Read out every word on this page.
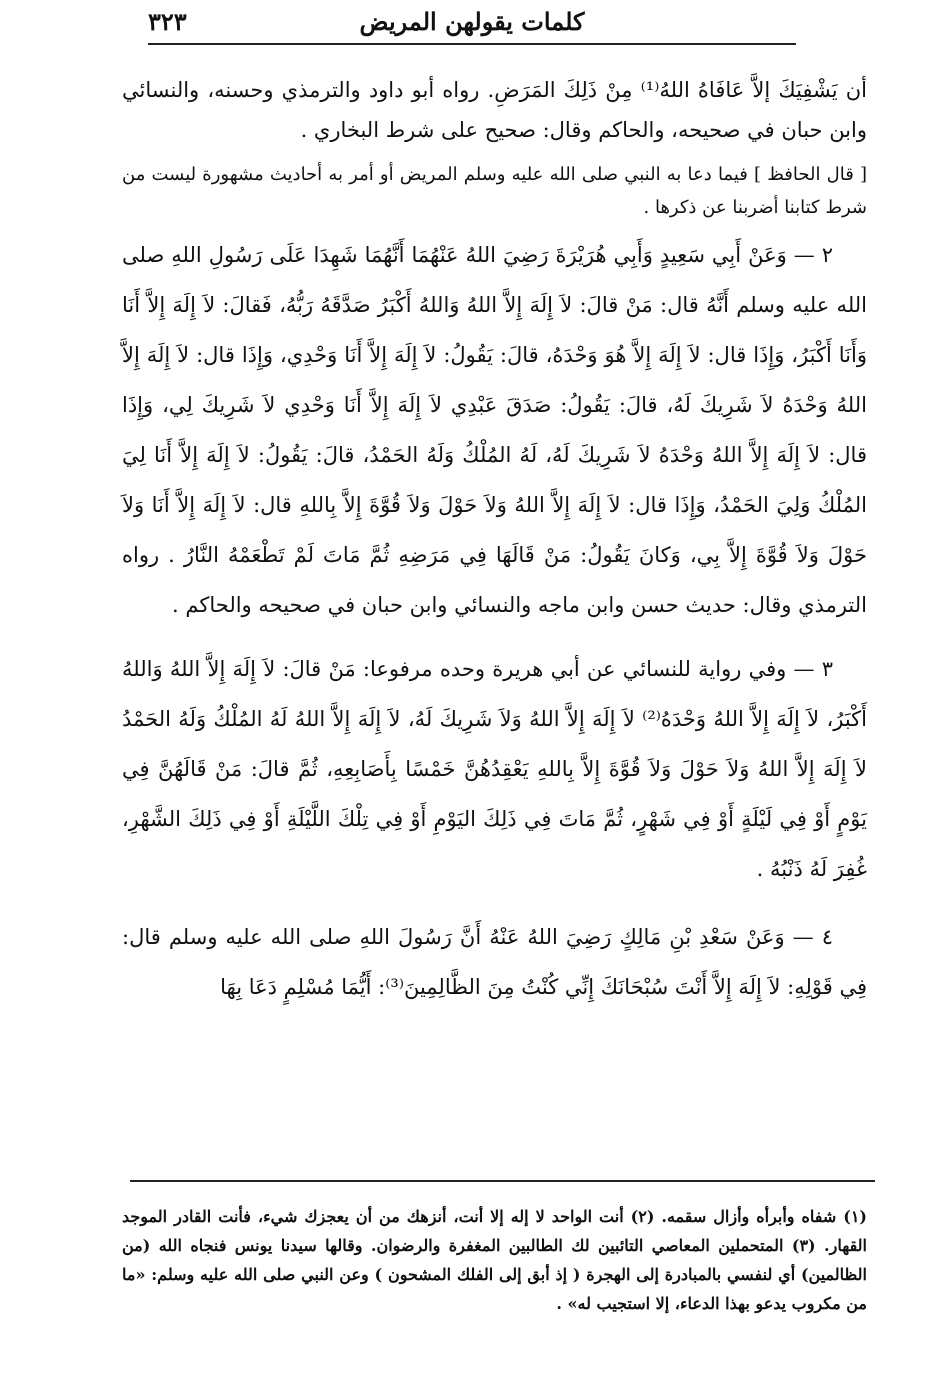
كلمات يقولهن المريض
٣٢٣

أن يَشْفِيَكَ إلاَّ عَافَاهُ اللهُ⁽¹⁾ مِنْ ذَلِكَ المَرَضِ. رواه أبو داود والترمذي وحسنه، والنسائي وابن حبان في صحيحه، والحاكم وقال: صحيح على شرط البخاري .

[ قال الحافظ ] فيما دعا به النبي صلى الله عليه وسلم المريض أو أمر به أحاديث مشهورة ليست من شرط كتابنا أضربنا عن ذكرها .

٢ — وَعَنْ أَبِي سَعِيدٍ وَأَبِي هُرَيْرَةَ رَضِيَ اللهُ عَنْهُمَا أَنَّهُمَا شَهِدَا عَلَى رَسُولِ اللهِ صلى الله عليه وسلم أَنَّهُ قال: مَنْ قالَ: لاَ إِلَهَ إِلاَّ اللهُ وَاللهُ أَكْبَرُ صَدَّقَهُ رَبُّهُ، فَقالَ: لاَ إِلَهَ إِلاَّ أَنَا وَأَنَا أَكْبَرُ، وَإِذَا قال: لاَ إِلَهَ إِلاَّ هُوَ وَحْدَهُ، قالَ: يَقُولُ: لاَ إِلَهَ إِلاَّ أَنَا وَحْدِي، وَإِذَا قال: لاَ إِلَهَ إِلاَّ اللهُ وَحْدَهُ لاَ شَرِيكَ لَهُ، قالَ: يَقُولُ: صَدَقَ عَبْدِي لاَ إِلَهَ إِلاَّ أَنَا وَحْدِي لاَ شَرِيكَ لِي، وَإِذَا قال: لاَ إِلَهَ إِلاَّ اللهُ وَحْدَهُ لاَ شَرِيكَ لَهُ، لَهُ المُلْكُ وَلَهُ الحَمْدُ، قالَ: يَقُولُ: لاَ إِلَهَ إِلاَّ أَنَا لِيَ المُلْكُ وَلِيَ الحَمْدُ، وَإِذَا قال: لاَ إِلَهَ إِلاَّ اللهُ وَلاَ حَوْلَ وَلاَ قُوَّةَ إِلاَّ بِاللهِ قال: لاَ إِلَهَ إِلاَّ أَنَا وَلاَ حَوْلَ وَلاَ قُوَّةَ إِلاَّ بِي، وَكانَ يَقُولُ: مَنْ قَالَهَا فِي مَرَضِهِ ثُمَّ مَاتَ لَمْ تَطْعَمْهُ النَّارُ . رواه الترمذي وقال: حديث حسن وابن ماجه والنسائي وابن حبان في صحيحه والحاكم .

٣ — وفي رواية للنسائي عن أبي هريرة وحده مرفوعا: مَنْ قالَ: لاَ إِلَهَ إِلاَّ اللهُ وَاللهُ أَكْبَرُ، لاَ إِلَهَ إِلاَّ اللهُ وَحْدَهُ⁽²⁾ لاَ إِلَهَ إِلاَّ اللهُ وَلاَ شَرِيكَ لَهُ، لاَ إِلَهَ إِلاَّ اللهُ لَهُ المُلْكُ وَلَهُ الحَمْدُ لاَ إِلَهَ إِلاَّ اللهُ وَلاَ حَوْلَ وَلاَ قُوَّةَ إِلاَّ بِاللهِ يَعْقِدُهُنَّ خَمْسًا بِأَصَابِعِهِ، ثُمَّ قالَ: مَنْ قَالَهُنَّ فِي يَوْمٍ أَوْ فِي لَيْلَةٍ أَوْ فِي شَهْرٍ، ثُمَّ مَاتَ فِي ذَلِكَ اليَوْمِ أَوْ فِي تِلْكَ اللَّيْلَةِ أَوْ فِي ذَلِكَ الشَّهْرِ، غُفِرَ لَهُ ذَنْبُهُ .

٤ — وَعَنْ سَعْدِ بْنِ مَالِكٍ رَضِيَ اللهُ عَنْهُ أَنَّ رَسُولَ اللهِ صلى الله عليه وسلم قال: فِي قَوْلِهِ: لاَ إِلَهَ إِلاَّ أَنْتَ سُبْحَانَكَ إِنِّي كُنْتُ مِنَ الظَّالِمِينَ⁽³⁾: أَيُّمَا مُسْلِمٍ دَعَا بِهَا

(١) شفاه وأبرأه وأزال سقمه. (٢) أنت الواحد لا إله إلا أنت، أنزهك من أن يعجزك شيء، فأنت القادر الموجد القهار. (٣) المتحملين المعاصي التائبين لك الطالبين المغفرة والرضوان. وقالها سيدنا يونس فنجاه الله (من الظالمين) أي لنفسي بالمبادرة إلى الهجرة ( إذ أبق إلى الفلك المشحون ) وعن النبي صلى الله عليه وسلم: «ما من مكروب يدعو بهذا الدعاء، إلا استجيب له» .
